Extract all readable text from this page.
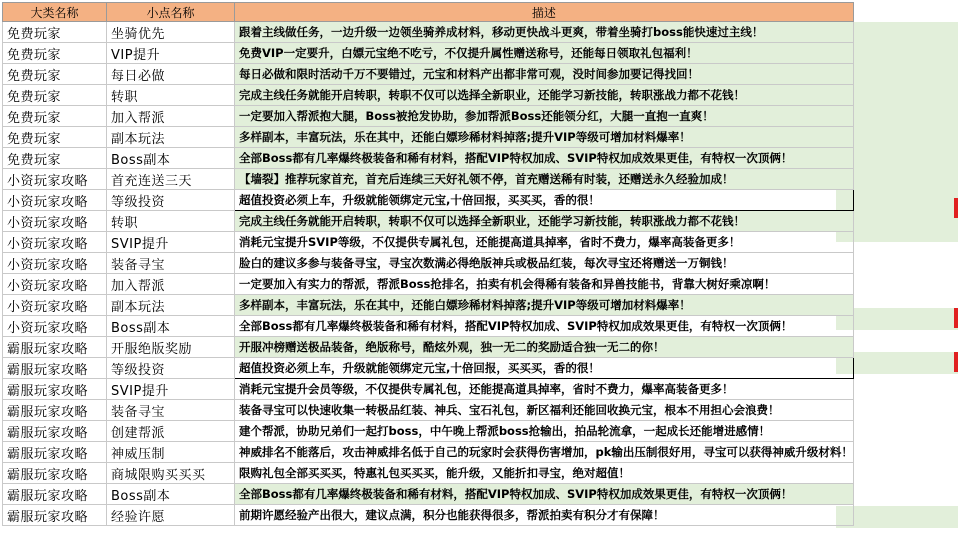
大类名称	小点名称	描述
免费玩家	坐骑优先	跟着主线做任务，一边升级一边领坐骑养成材料，移动更快战斗更爽，带着坐骑打boss能快速过主线！
免费玩家	VIP提升	免费VIP一定要升，白嫖元宝绝不吃亏，不仅提升属性赠送称号，还能每日领取礼包福利！
免费玩家	每日必做	每日必做和限时活动千万不要错过，元宝和材料产出都非常可观，没时间参加要记得找回！
免费玩家	转职	完成主线任务就能开启转职，转职不仅可以选择全新职业，还能学习新技能，转职涨战力都不花钱！
免费玩家	加入帮派	一定要加入帮派抱大腿，Boss被抢发协助，参加帮派Boss还能领分红，大腿一直抱一直爽！
免费玩家	副本玩法	多样副本，丰富玩法，乐在其中，还能白嫖珍稀材料掉落;提升VIP等级可增加材料爆率！
免费玩家	Boss副本	全部Boss都有几率爆终极装备和稀有材料，搭配VIP特权加成、SVIP特权加成效果更佳，有特权一次顶俩！
小资玩家攻略	首充连送三天	【墙裂】推荐玩家首充，首充后连续三天好礼领不停，首充赠送稀有时装，还赠送永久经验加成！
小资玩家攻略	等级投资	超值投资必须上车，升级就能领绑定元宝,十倍回报，买买买，香的很！
小资玩家攻略	转职	完成主线任务就能开启转职，转职不仅可以选择全新职业，还能学习新技能，转职涨战力都不花钱！
小资玩家攻略	SVIP提升	消耗元宝提升SVIP等级，不仅提供专属礼包，还能提高道具掉率，省时不费力，爆率高装备更多！
小资玩家攻略	装备寻宝	脸白的建议多参与装备寻宝，寻宝次数满必得绝版神兵或极品红装，每次寻宝还将赠送一万铜钱！
小资玩家攻略	加入帮派	一定要加入有实力的帮派，帮派Boss抢排名，拍卖有机会得稀有装备和异兽技能书，背靠大树好乘凉啊！
小资玩家攻略	副本玩法	多样副本，丰富玩法，乐在其中，还能白嫖珍稀材料掉落;提升VIP等级可增加材料爆率！
小资玩家攻略	Boss副本	全部Boss都有几率爆终极装备和稀有材料，搭配VIP特权加成、SVIP特权加成效果更佳，有特权一次顶俩！
霸服玩家攻略	开服绝版奖励	开服冲榜赠送极品装备，绝版称号，酷炫外观，独一无二的奖励适合独一无二的你！
霸服玩家攻略	等级投资	超值投资必须上车，升级就能领绑定元宝,十倍回报，买买买，香的很！
霸服玩家攻略	SVIP提升	消耗元宝提升会员等级，不仅提供专属礼包，还能提高道具掉率，省时不费力，爆率高装备更多！
霸服玩家攻略	装备寻宝	装备寻宝可以快速收集一转极品红装、神兵、宝石礼包，新区福利还能回收换元宝，根本不用担心会浪费！
霸服玩家攻略	创建帮派	建个帮派，协助兄弟们一起打boss，中午晚上帮派boss抢输出，拍品轮流拿，一起成长还能增进感情！
霸服玩家攻略	神威压制	神威排名不能落后，攻击神威排名低于自己的玩家时会获得伤害增加，pk输出压制很好用，寻宝可以获得神威升级材料！
霸服玩家攻略	商城限购买买买	限购礼包全部买买买，特惠礼包买买买，能升级，又能折扣寻宝，绝对超值！
霸服玩家攻略	Boss副本	全部Boss都有几率爆终极装备和稀有材料，搭配VIP特权加成、SVIP特权加成效果更佳，有特权一次顶俩！
霸服玩家攻略	经验许愿	前期许愿经验产出很大，建议点满，积分也能获得很多，帮派拍卖有积分才有保障！
